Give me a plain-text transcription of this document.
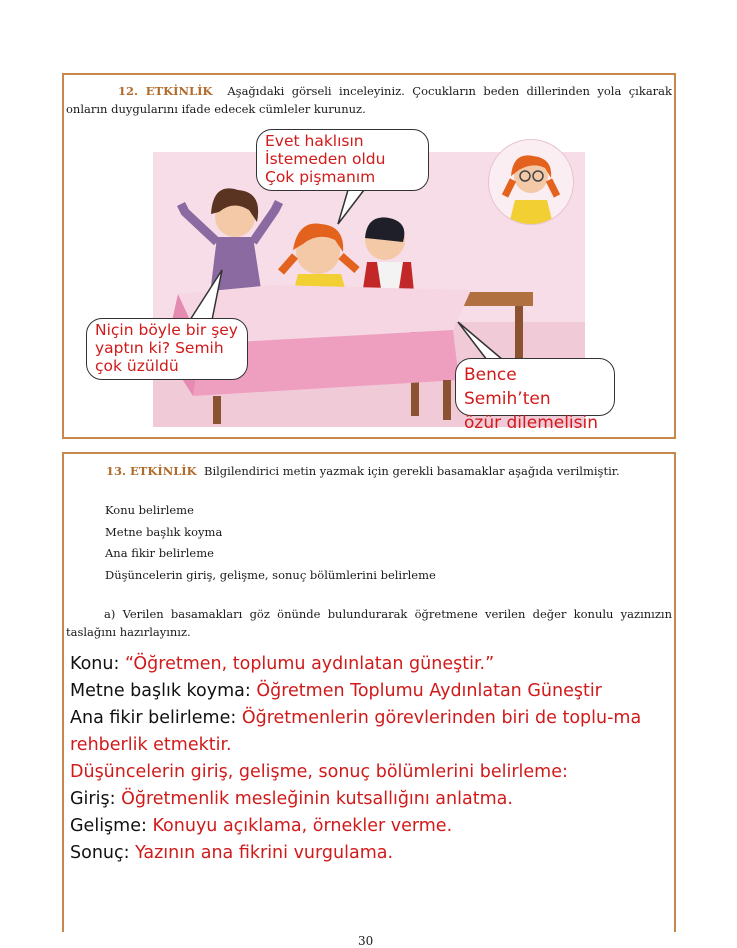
12. ETKİNLİK Aşağıdaki görseli inceleyiniz. Çocukların beden dillerinden yola çıkarak onların duygularını ifade edecek cümleler kurunuz.
Evet haklısın
İstemeden oldu
Çok pişmanım
Niçin böyle bir şey
yaptın ki? Semih
çok üzüldü	Bence Semih’ten
özür dilemelisin
13. ETKİNLİK Bilgilendirici metin yazmak için gerekli basamaklar aşağıda verilmiştir.
Konu belirleme
Metne başlık koyma
Ana fikir belirleme
Düşüncelerin giriş, gelişme, sonuç bölümlerini belirleme
a) Verilen basamakları göz önünde bulundurarak öğretmene verilen değer konulu yazınızın taslağını hazırlayınız.
Konu: “Öğretmen, toplumu aydınlatan güneştir.”
Metne başlık koyma: Öğretmen Toplumu Aydınlatan Güneştir
Ana fikir belirleme: Öğretmenlerin görevlerinden biri de toplu-ma rehberlik etmektir.
Düşüncelerin giriş, gelişme, sonuç bölümlerini belirleme:
Giriş: Öğretmenlik mesleğinin kutsallığını anlatma.
Gelişme: Konuyu açıklama, örnekler verme.
Sonuç: Yazının ana fikrini vurgulama.
30
